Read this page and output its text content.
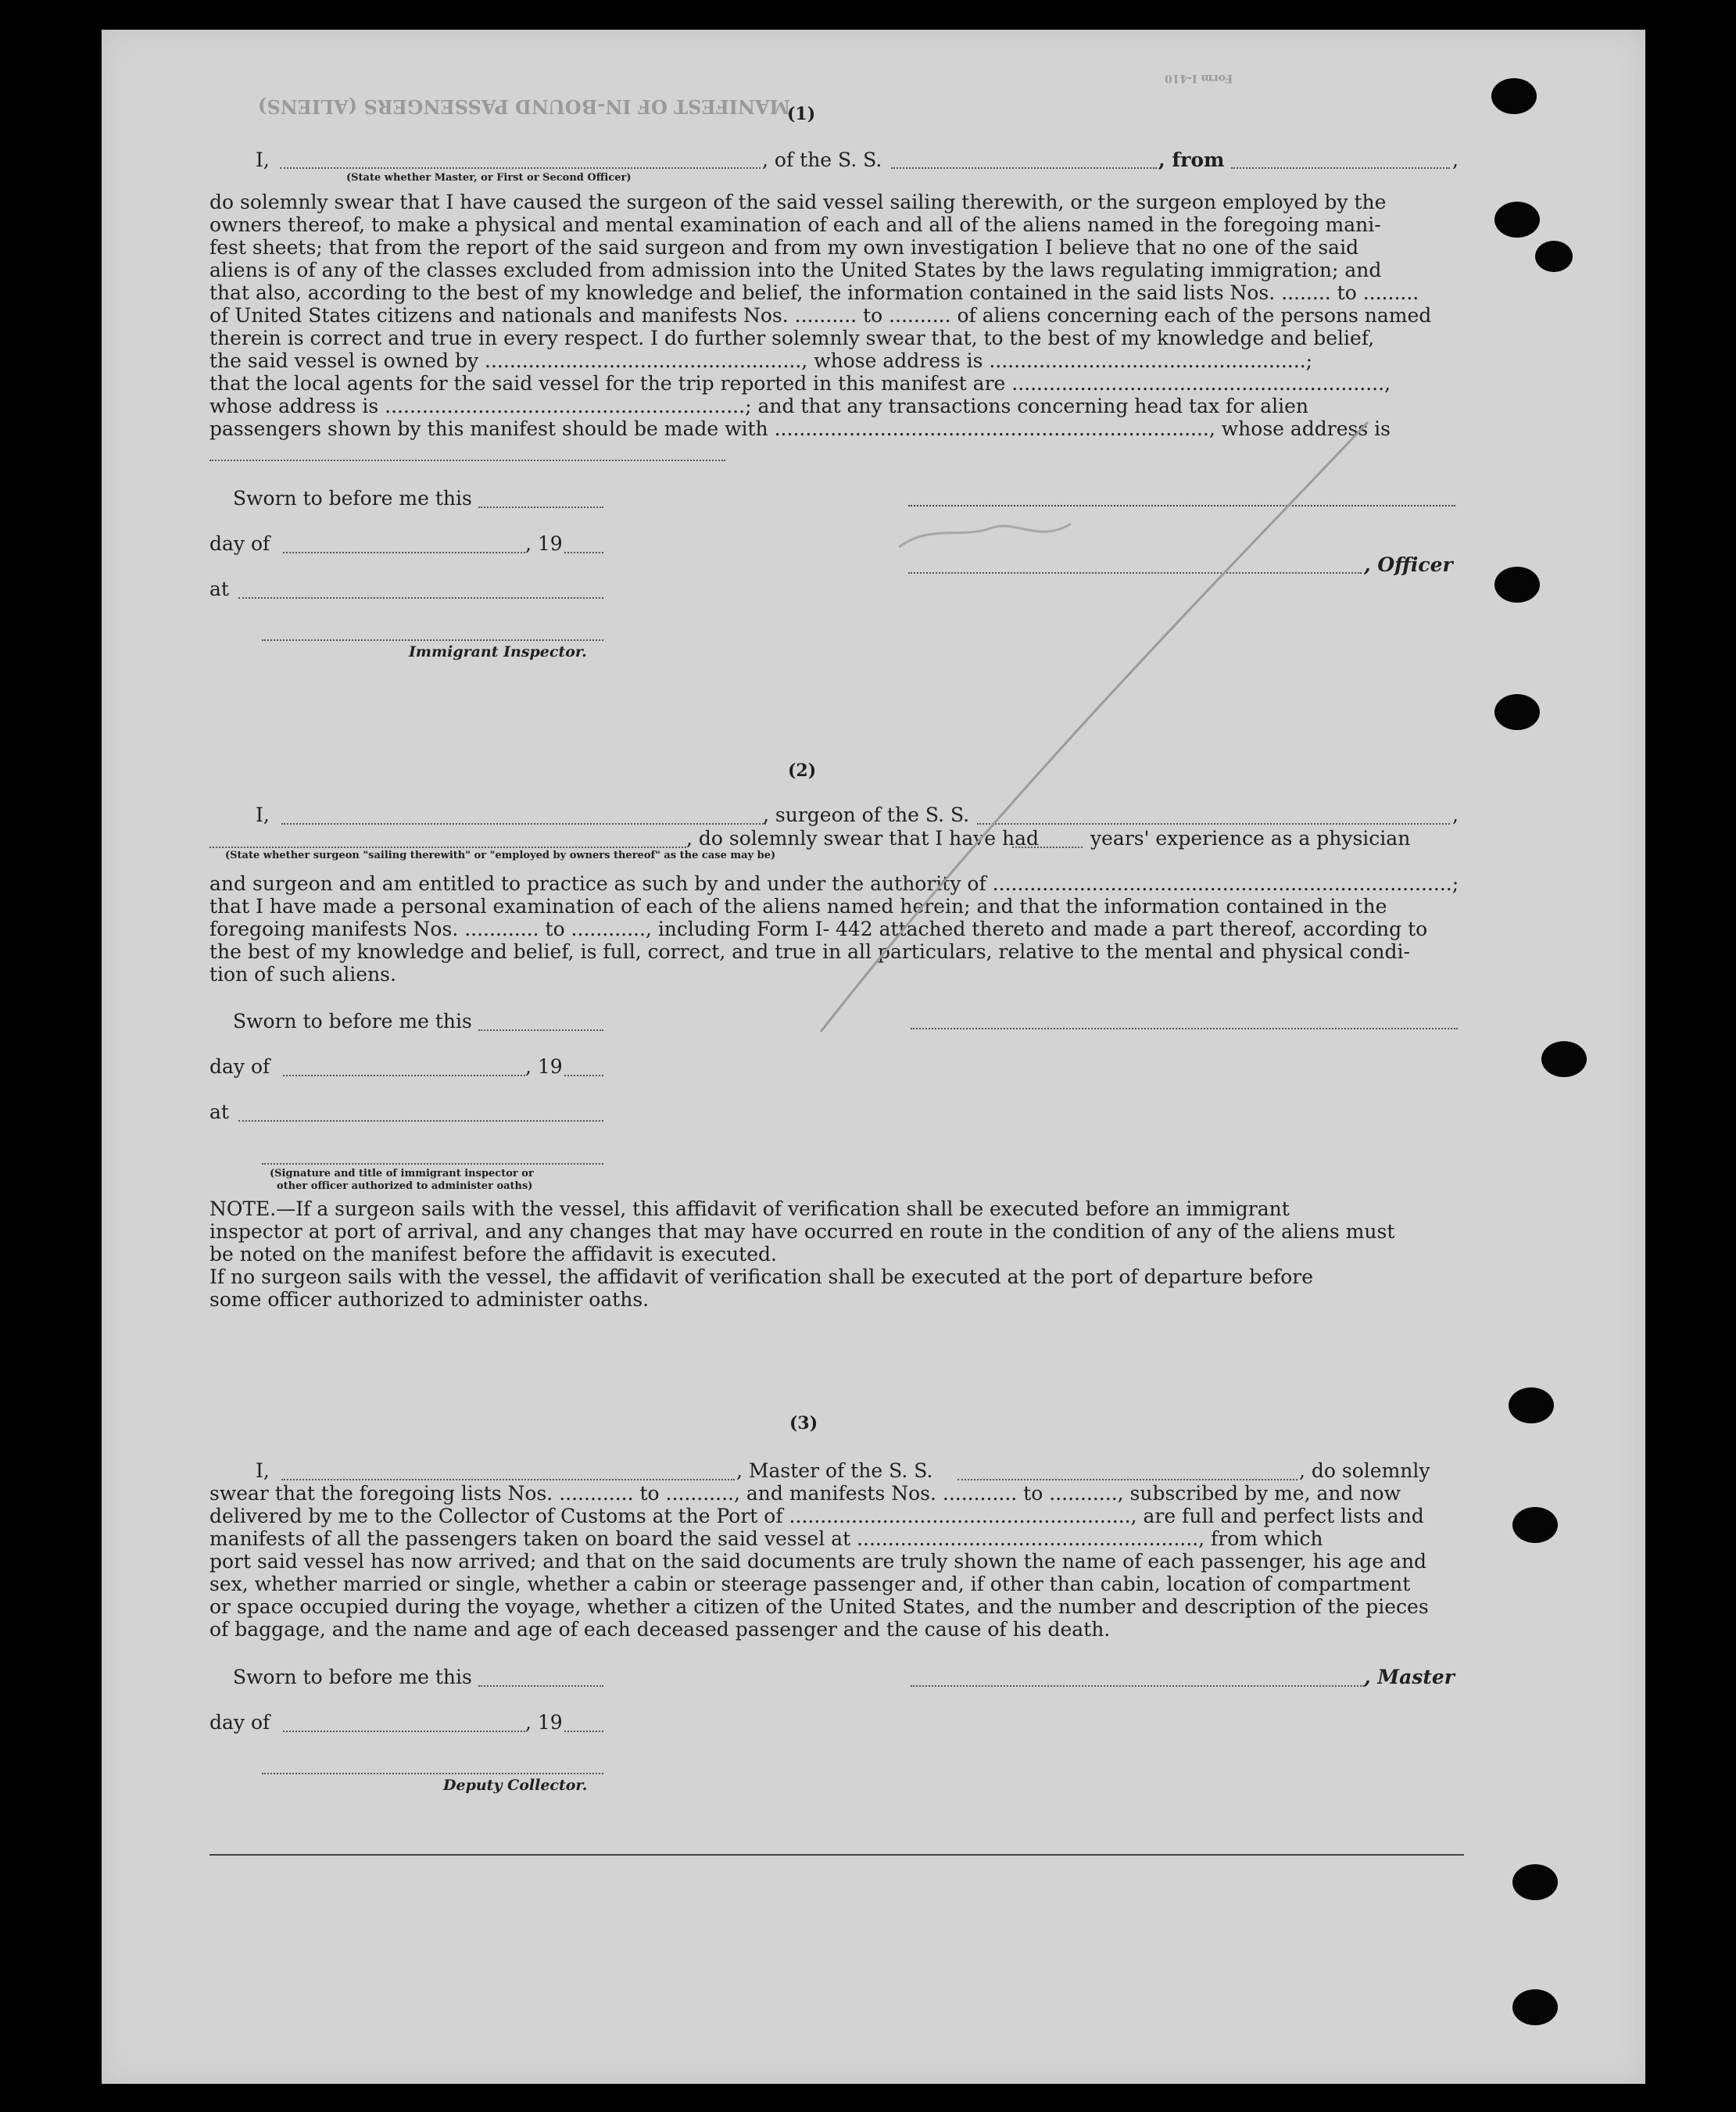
MANIFEST OF IN-BOUND PASSENGERS (ALIENS)
Form I-410
(1)
I,	, of the S. S.	, from	,
(State whether Master, or First or Second Officer)
do solemnly swear that I have caused the surgeon of the said vessel sailing therewith, or the surgeon employed by the
owners thereof, to make a physical and mental examination of each and all of the aliens named in the foregoing mani-
fest sheets; that from the report of the said surgeon and from my own investigation I believe that no one of the said
aliens is of any of the classes excluded from admission into the United States by the laws regulating immigration; and
that also, according to the best of my knowledge and belief, the information contained in the said lists Nos. ........ to .........
of United States citizens and nationals and manifests Nos. .......... to .......... of aliens concerning each of the persons named
therein is correct and true in every respect. I do further solemnly swear that, to the best of my knowledge and belief,
the said vessel is owned by ..................................................., whose address is ...................................................;
that the local agents for the said vessel for the trip reported in this manifest are ............................................................,
whose address is ..........................................................; and that any transactions concerning head tax for alien
passengers shown by this manifest should be made with ......................................................................, whose address is
Sworn to before me this
day of	, 19
, Officer
at
Immigrant Inspector.
(2)
I,	, surgeon of the S. S.	,
, do solemnly swear that I have had	years' experience as a physician
(State whether surgeon "sailing therewith" or "employed by owners thereof" as the case may be)
and surgeon and am entitled to practice as such by and under the authority of ..........................................................................;
that I have made a personal examination of each of the aliens named herein; and that the information contained in the
foregoing manifests Nos. ............ to ............, including Form I- 442 attached thereto and made a part thereof, according to
the best of my knowledge and belief, is full, correct, and true in all particulars, relative to the mental and physical condi-
tion of such aliens.
Sworn to before me this
day of	, 19
at
(Signature and title of immigrant inspector or
other officer authorized to administer oaths)
NOTE.—If a surgeon sails with the vessel, this affidavit of verification shall be executed before an immigrant
inspector at port of arrival, and any changes that may have occurred en route in the condition of any of the aliens must
be noted on the manifest before the affidavit is executed.
If no surgeon sails with the vessel, the affidavit of verification shall be executed at the port of departure before
some officer authorized to administer oaths.
(3)
I,	, Master of the S. S.	, do solemnly
swear that the foregoing lists Nos. ............ to ..........., and manifests Nos. ............ to ..........., subscribed by me, and now
delivered by me to the Collector of Customs at the Port of ......................................................., are full and perfect lists and
manifests of all the passengers taken on board the said vessel at ......................................................., from which
port said vessel has now arrived; and that on the said documents are truly shown the name of each passenger, his age and
sex, whether married or single, whether a cabin or steerage passenger and, if other than cabin, location of compartment
or space occupied during the voyage, whether a citizen of the United States, and the number and description of the pieces
of baggage, and the name and age of each deceased passenger and the cause of his death.
Sworn to before me this	, Master
day of	, 19
Deputy Collector.
